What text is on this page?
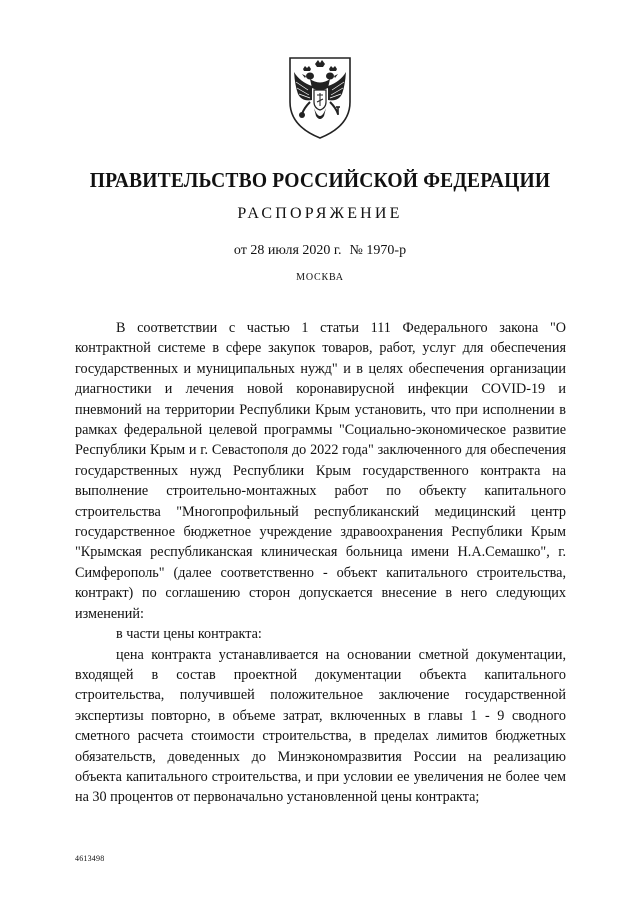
ПРАВИТЕЛЬСТВО РОССИЙСКОЙ ФЕДЕРАЦИИ
РАСПОРЯЖЕНИЕ
от 28 июля 2020 г. № 1970-р
МОСКВА

В соответствии с частью 1 статьи 111 Федерального закона "О контрактной системе в сфере закупок товаров, работ, услуг для обеспечения государственных и муниципальных нужд" и в целях обеспечения организации диагностики и лечения новой коронавирусной инфекции COVID-19 и пневмоний на территории Республики Крым установить, что при исполнении в рамках федеральной целевой программы "Социально-экономическое развитие Республики Крым и г. Севастополя до 2022 года" заключенного для обеспечения государственных нужд Республики Крым государственного контракта на выполнение строительно-монтажных работ по объекту капитального строительства "Многопрофильный республиканский медицинский центр государственное бюджетное учреждение здравоохранения Республики Крым "Крымская республиканская клиническая больница имени Н.А.Семашко", г. Симферополь" (далее соответственно - объект капитального строительства, контракт) по соглашению сторон допускается внесение в него следующих изменений:

в части цены контракта:

цена контракта устанавливается на основании сметной документации, входящей в состав проектной документации объекта капитального строительства, получившей положительное заключение государственной экспертизы повторно, в объеме затрат, включенных в главы 1 - 9 сводного сметного расчета стоимости строительства, в пределах лимитов бюджетных обязательств, доведенных до Минэкономразвития России на реализацию объекта капитального строительства, и при условии ее увеличения не более чем на 30 процентов от первоначально установленной цены контракта;

4613498
